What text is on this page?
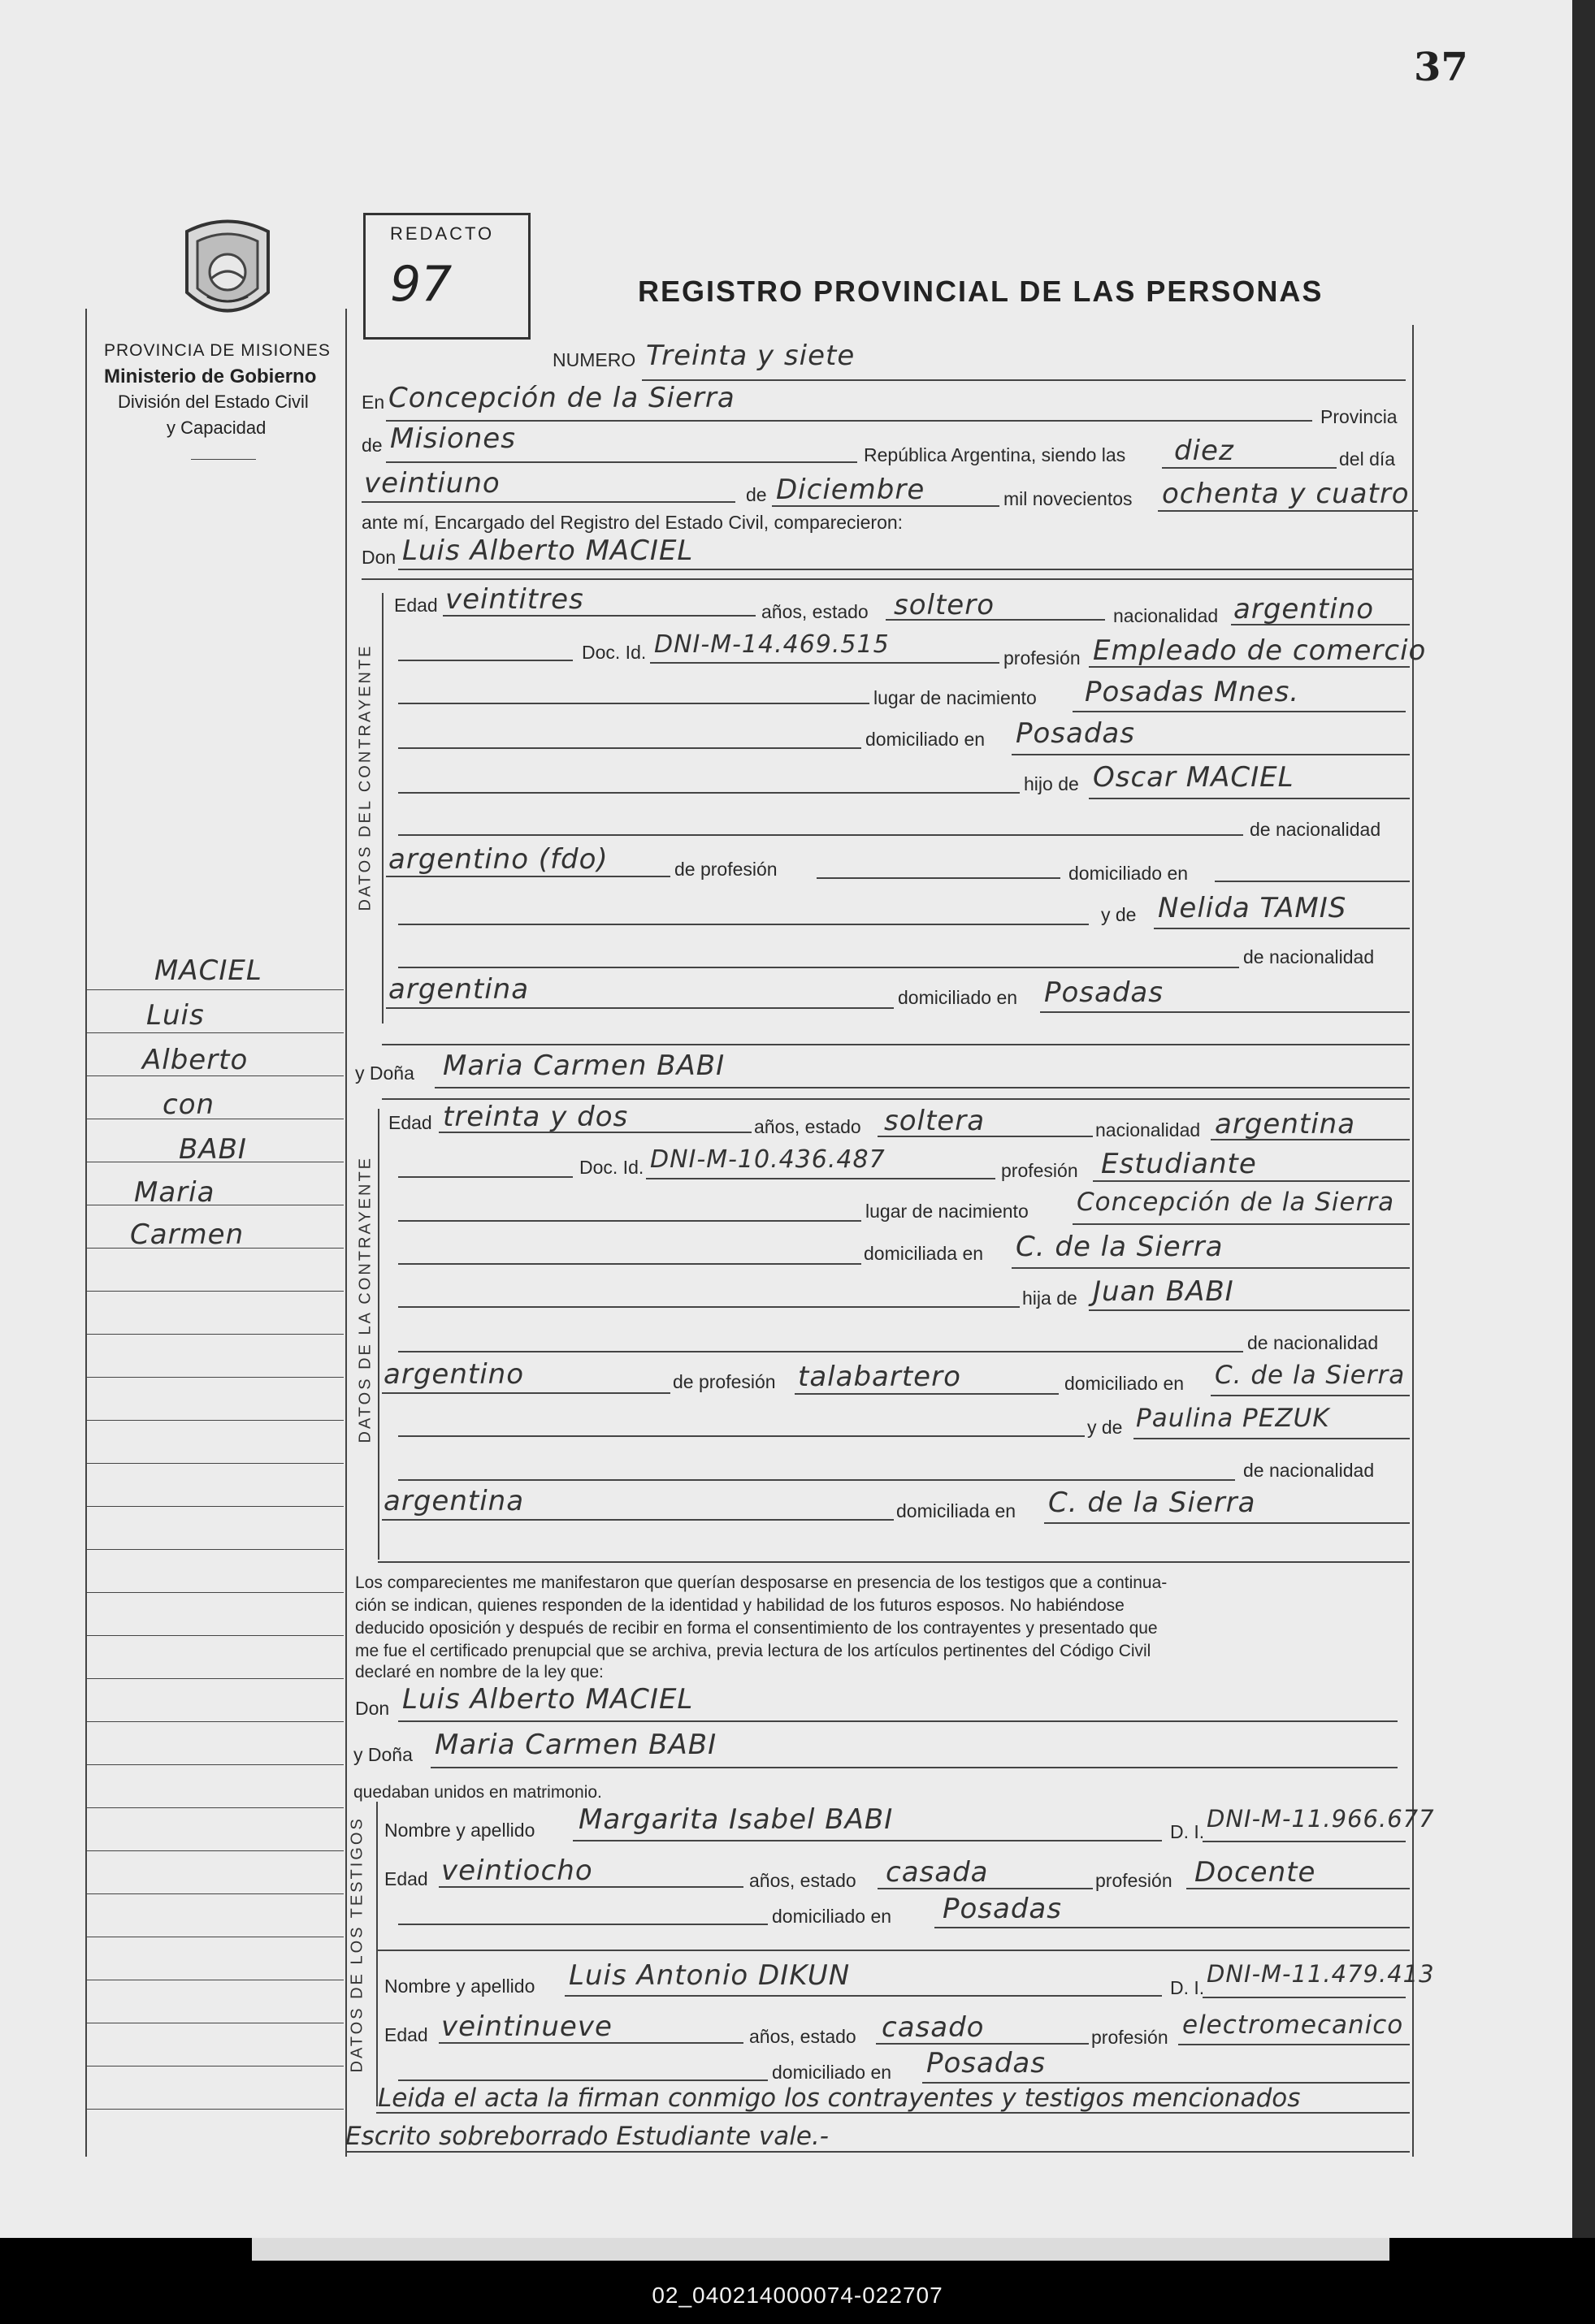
02_040214000074-022707
37
REDACTO
97	REGISTRO PROVINCIAL DE LAS PERSONAS
PROVINCIA DE MISIONES
Ministerio de Gobierno
División del Estado Civil
y Capacidad
MACIEL
Luis
Alberto
con
BABI
Maria
Carmen
NUMERO Treinta y siete
En Concepción de la Sierra
Provincia
de Misiones	República Argentina, siendo las diez	del día
veintiuno	de Diciembre	mil novecientos ochenta y cuatro
ante mí, Encargado del Registro del Estado Civil, comparecieron:
Don Luis Alberto MACIEL
DATOS DEL CONTRAYENTE
Edad veintitres	años, estado soltero	nacionalidad argentino
Doc. Id. DNI-M-14.469.515	profesión Empleado de comercio
lugar de nacimiento Posadas Mnes.
domiciliado en Posadas
hijo de Oscar MACIEL
de nacionalidad
argentino (fdo)	de profesión	domiciliado en
y de Nelida TAMIS
de nacionalidad
argentina	domiciliado en Posadas
y Doña Maria Carmen BABI
DATOS DE LA CONTRAYENTE
Edad treinta y dos	años, estado soltera	nacionalidad argentina
Doc. Id. DNI-M-10.436.487	profesión Estudiante
lugar de nacimiento Concepción de la Sierra
domiciliada en C. de la Sierra
hija de Juan BABI
de nacionalidad
argentino	de profesión talabartero	domiciliado en C. de la Sierra
y de Paulina PEZUK
de nacionalidad
argentina	domiciliada en C. de la Sierra
Los comparecientes me manifestaron que querían desposarse en presencia de los testigos que a continua-
ción se indican, quienes responden de la identidad y habilidad de los futuros esposos. No habiéndose
deducido oposición y después de recibir en forma el consentimiento de los contrayentes y presentado que
me fue el certificado prenupcial que se archiva, previa lectura de los artículos pertinentes del Código Civil
declaré en nombre de la ley que:
Don Luis Alberto MACIEL
y Doña Maria Carmen BABI
quedaban unidos en matrimonio.
DATOS DE LOS TESTIGOS Nombre y apellido Margarita Isabel BABI	D. I. DNI-M-11.966.677
Edad veintiocho	años, estado casada	profesión Docente
domiciliado en Posadas
Nombre y apellido Luis Antonio DIKUN	D. I. DNI-M-11.479.413
Edad veintinueve	años, estado casado	profesión electromecanico
domiciliado en Posadas
Leida el acta la firman conmigo los contrayentes y testigos mencionados
Escrito sobreborrado Estudiante vale.-
